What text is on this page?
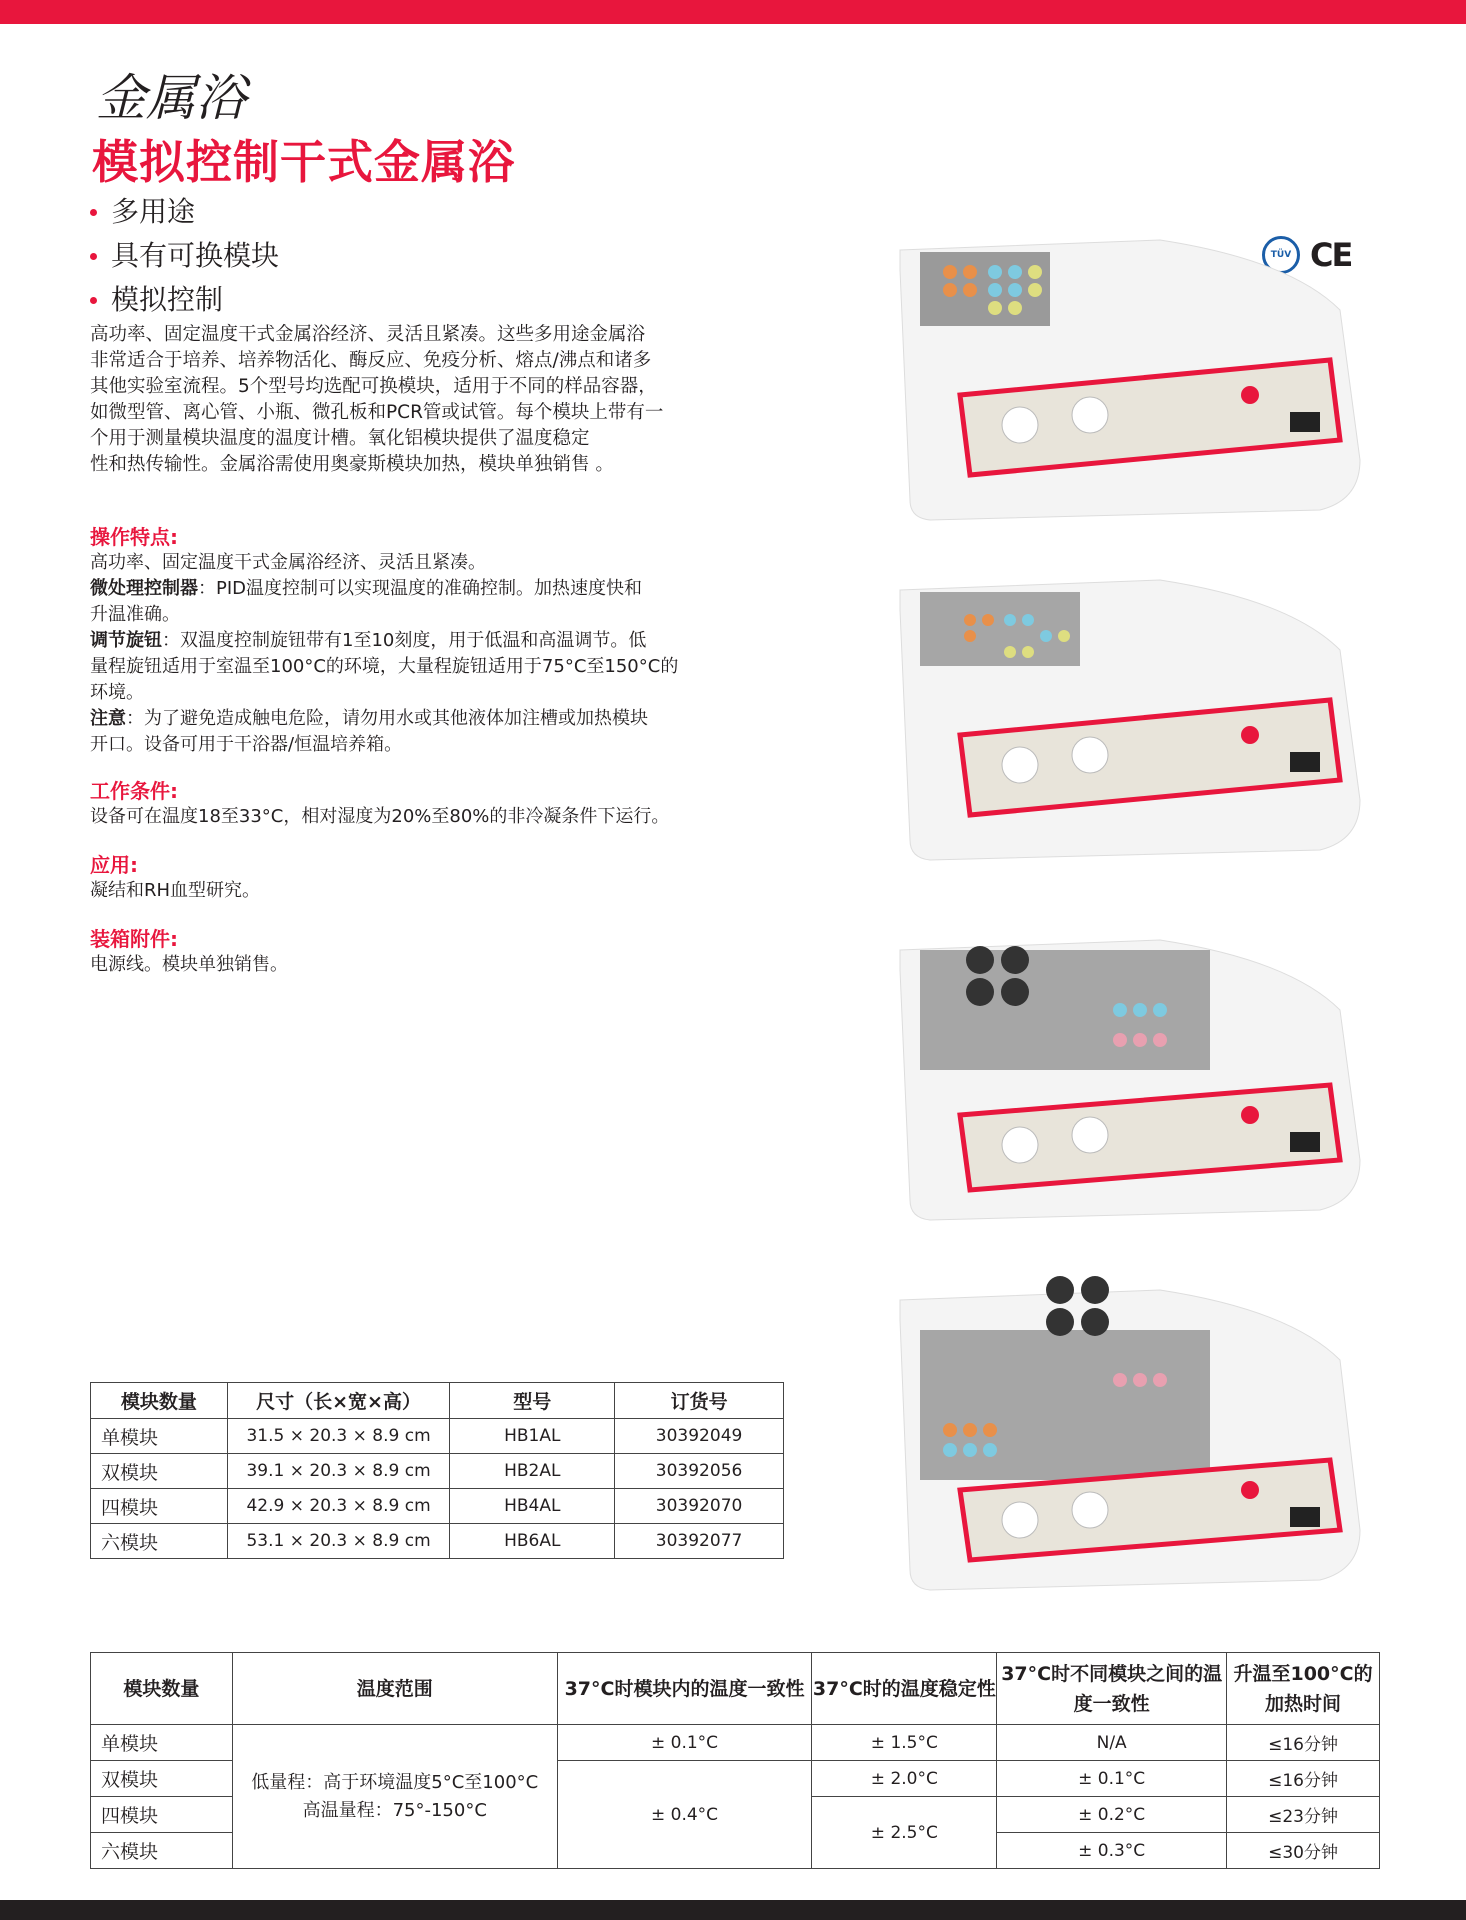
金属浴
模拟控制干式金属浴
多用途
具有可换模块
模拟控制
高功率、固定温度干式金属浴经济、灵活且紧凑。这些多用途金属浴
非常适合于培养、培养物活化、酶反应、免疫分析、熔点/沸点和诸多
其他实验室流程。5个型号均选配可换模块，适用于不同的样品容器，
如微型管、离心管、小瓶、微孔板和PCR管或试管。每个模块上带有一
个用于测量模块温度的温度计槽。氧化铝模块提供了温度稳定
性和热传输性。金属浴需使用奥豪斯模块加热，模块单独销售 。
操作特点:

高功率、固定温度干式金属浴经济、灵活且紧凑。

微处理控制器：PID温度控制可以实现温度的准确控制。加热速度快和

升温准确。

调节旋钮：双温度控制旋钮带有1至10刻度，用于低温和高温调节。低

量程旋钮适用于室温至100°C的环境，大量程旋钮适用于75°C至150°C的

环境。

注意：为了避免造成触电危险，请勿用水或其他液体加注槽或加热模块

开口。设备可用于干浴器/恒温培养箱。

工作条件:

设备可在温度18至33°C，相对湿度为20%至80%的非冷凝条件下运行。

应用:

凝结和RH血型研究。

装箱附件:

电源线。模块单独销售。

TÜV CE
模块数量	尺寸（长×宽×高）	型号	订货号
单模块	31.5 × 20.3 × 8.9 cm	HB1AL	30392049
双模块	39.1 × 20.3 × 8.9 cm	HB2AL	30392056
四模块	42.9 × 20.3 × 8.9 cm	HB4AL	30392070
六模块	53.1 × 20.3 × 8.9 cm	HB6AL	30392077
模块数量	温度范围	37°C时模块内的温度一致性	37°C时的温度稳定性	37°C时不同模块之间的温度一致性	升温至100°C的加热时间
单模块	低量程：高于环境温度5°C至100°C
高温量程：75°-150°C	± 0.1°C	± 1.5°C	N/A	≤16分钟
双模块		± 0.4°C	± 2.0°C	± 0.1°C	≤16分钟
四模块			± 2.5°C	± 0.2°C	≤23分钟
六模块				± 0.3°C	≤30分钟
